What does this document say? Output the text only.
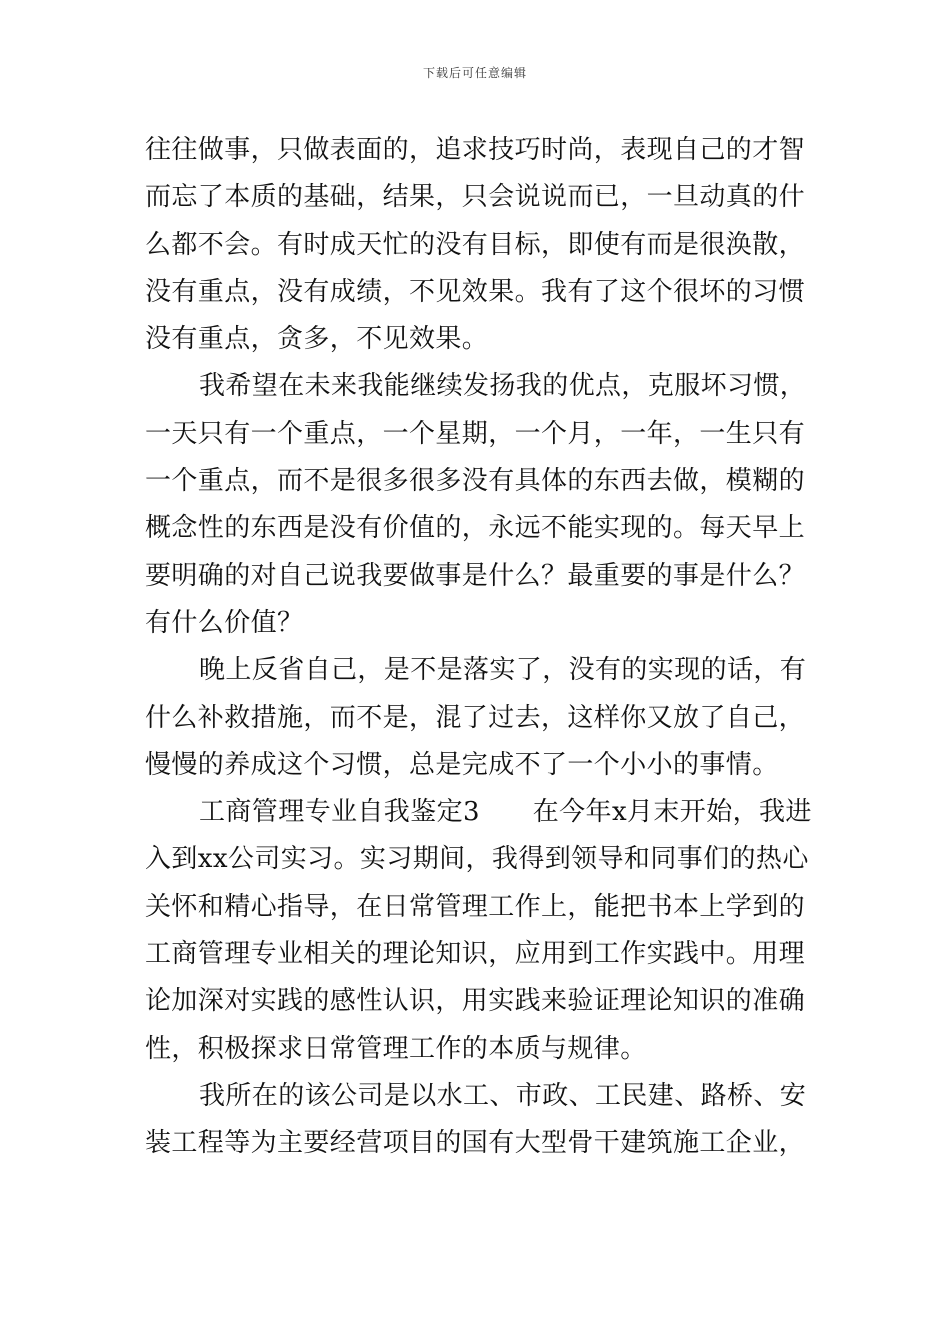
下载后可任意编辑
往往做事，只做表面的，追求技巧时尚，表现自己的才智
而忘了本质的基础，结果，只会说说而已，一旦动真的什
么都不会。有时成天忙的没有目标，即使有而是很涣散，
没有重点，没有成绩，不见效果。我有了这个很坏的习惯
没有重点，贪多，不见效果。
我希望在未来我能继续发扬我的优点，克服坏习惯，
一天只有一个重点，一个星期，一个月，一年，一生只有
一个重点，而不是很多很多没有具体的东西去做，模糊的
概念性的东西是没有价值的，永远不能实现的。每天早上
要明确的对自己说我要做事是什么？最重要的事是什么？
有什么价值？
晚上反省自己，是不是落实了，没有的实现的话，有
什么补救措施，而不是，混了过去，这样你又放了自己，
慢慢的养成这个习惯，总是完成不了一个小小的事情。
工商管理专业自我鉴定3　　在今年x月末开始，我进
入到xx公司实习。实习期间，我得到领导和同事们的热心
关怀和精心指导，在日常管理工作上，能把书本上学到的
工商管理专业相关的理论知识，应用到工作实践中。用理
论加深对实践的感性认识，用实践来验证理论知识的准确
性，积极探求日常管理工作的本质与规律。
我所在的该公司是以水工、市政、工民建、路桥、安
装工程等为主要经营项目的国有大型骨干建筑施工企业，
